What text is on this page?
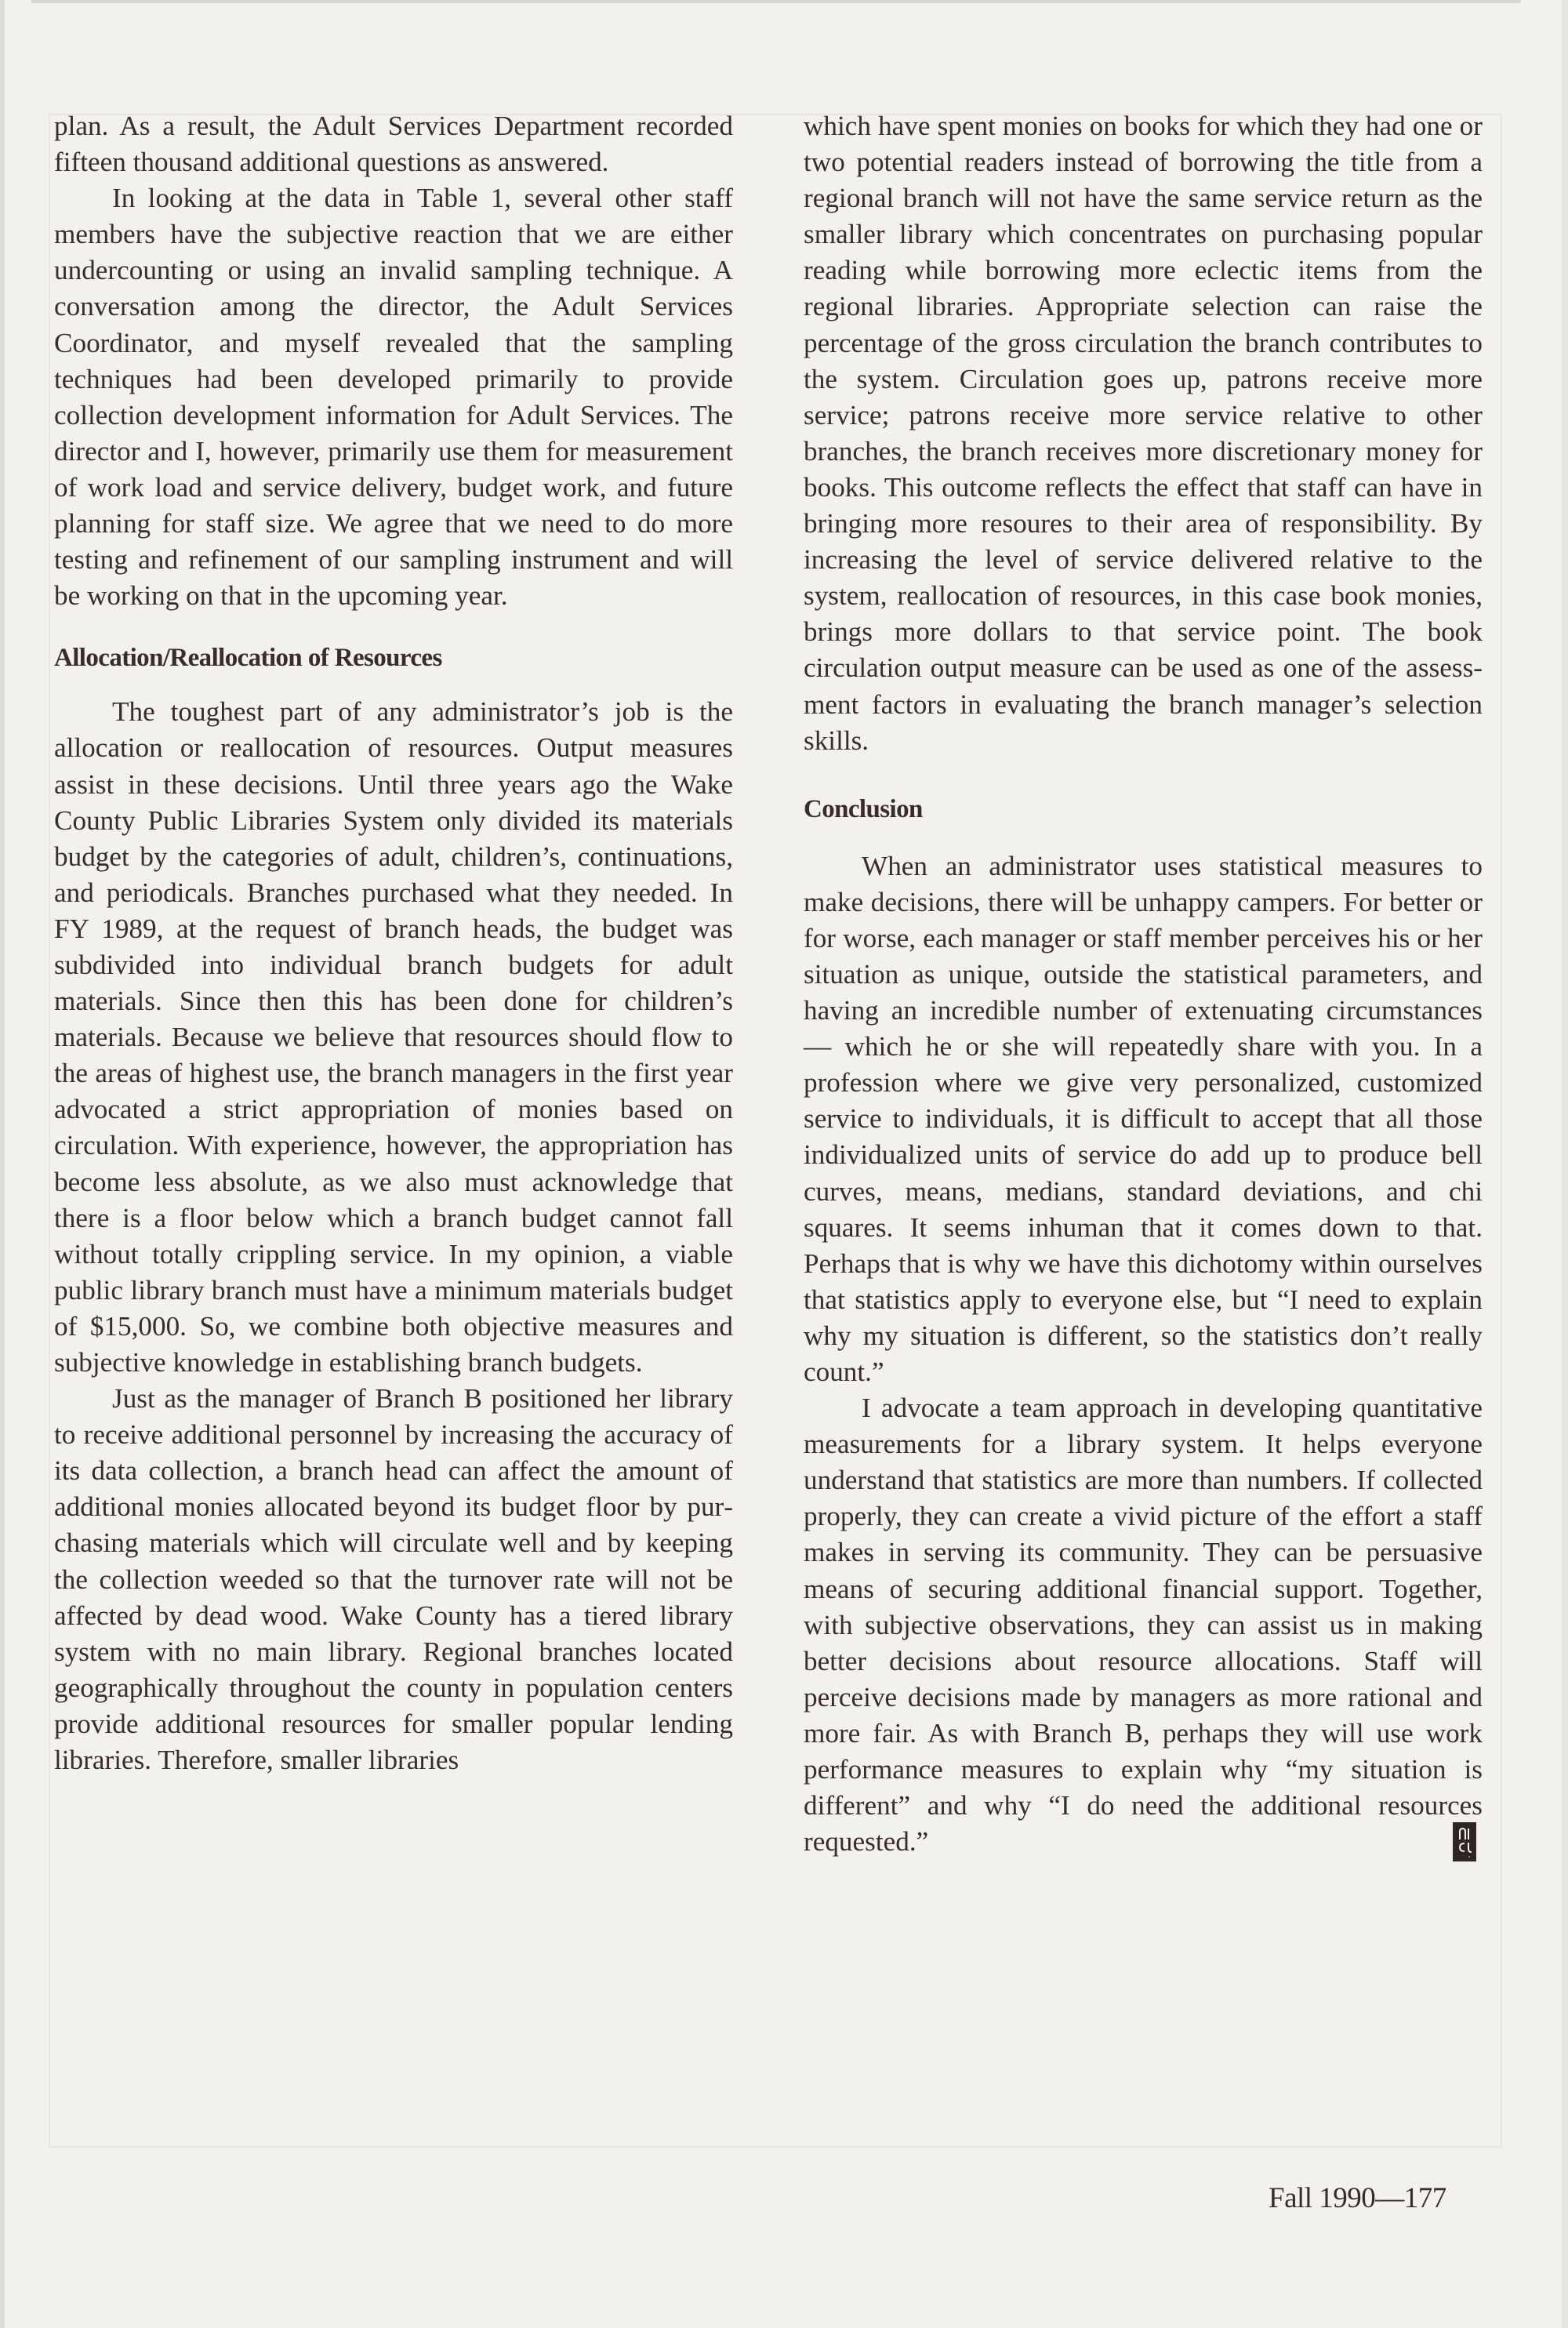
plan. As a result, the Adult Services Department recorded fifteen thousand additional questions as answered.

In looking at the data in Table 1, several other staff members have the subjective reaction that we are either undercounting or using an invalid sampling technique. A conversation among the director, the Adult Services Coordinator, and myself revealed that the sampling techniques had been developed primarily to provide collection development information for Adult Services. The director and I, however, primarily use them for measurement of work load and service delivery, budget work, and future planning for staff size. We agree that we need to do more testing and refinement of our sampling instrument and will be working on that in the upcoming year.

Allocation/Reallocation of Resources

The toughest part of any administrator’s job is the allocation or reallocation of resources. Output measures assist in these decisions. Until three years ago the Wake County Public Libraries System only divided its materials budget by the categories of adult, children’s, continuations, and periodicals. Branches purchased what they needed. In FY 1989, at the request of branch heads, the budget was subdivided into individual branch budgets for adult materials. Since then this has been done for children’s materials. Because we believe that resources should flow to the areas of highest use, the branch managers in the first year advocated a strict appropriation of monies based on circulation. With experience, however, the appropriation has become less absolute, as we also must acknowledge that there is a floor below which a branch budget cannot fall without totally crippling service. In my opinion, a viable public library branch must have a minimum materials budget of $15,000. So, we combine both objective measures and subjective knowledge in establishing branch budgets.

Just as the manager of Branch B positioned her library to receive additional personnel by increasing the accuracy of its data collection, a branch head can affect the amount of additional monies allocated beyond its budget floor by purchasing materials which will circulate well and by keeping the collection weeded so that the turnover rate will not be affected by dead wood. Wake County has a tiered library system with no main library. Regional branches located geographically throughout the county in population centers provide additional resources for smaller popular lending libraries. Therefore, smaller libraries

which have spent monies on books for which they had one or two potential readers instead of borrowing the title from a regional branch will not have the same service return as the smaller library which concentrates on purchasing popular reading while borrowing more eclectic items from the regional libraries. Appropriate selection can raise the percentage of the gross circulation the branch contributes to the system. Circulation goes up, patrons receive more service; patrons receive more service relative to other branches, the branch receives more discretionary money for books. This outcome reflects the effect that staff can have in bringing more resoures to their area of responsibility. By increasing the level of service delivered relative to the system, reallocation of resources, in this case book monies, brings more dollars to that service point. The book circulation output measure can be used as one of the assessment factors in evaluating the branch manager’s selection skills.

Conclusion

When an administrator uses statistical measures to make decisions, there will be unhappy campers. For better or for worse, each manager or staff member perceives his or her situation as unique, outside the statistical parameters, and having an incredible number of extenuating circumstances — which he or she will repeatedly share with you. In a profession where we give very personalized, customized service to individuals, it is difficult to accept that all those individualized units of service do add up to produce bell curves, means, medians, standard deviations, and chi squares. It seems inhuman that it comes down to that. Perhaps that is why we have this dichotomy within ourselves that statistics apply to everyone else, but “I need to explain why my situation is different, so the statistics don’t really count.”

I advocate a team approach in developing quantitative measurements for a library system. It helps everyone understand that statistics are more than numbers. If collected properly, they can create a vivid picture of the effort a staff makes in serving its community. They can be persuasive means of securing additional financial support. Together, with subjective observations, they can assist us in making better decisions about resource allocations. Staff will perceive decisions made by managers as more rational and more fair. As with Branch B, perhaps they will use work performance measures to explain why “my situation is different” and why “I do need the additional resources requested.”

Fall 1990—177
